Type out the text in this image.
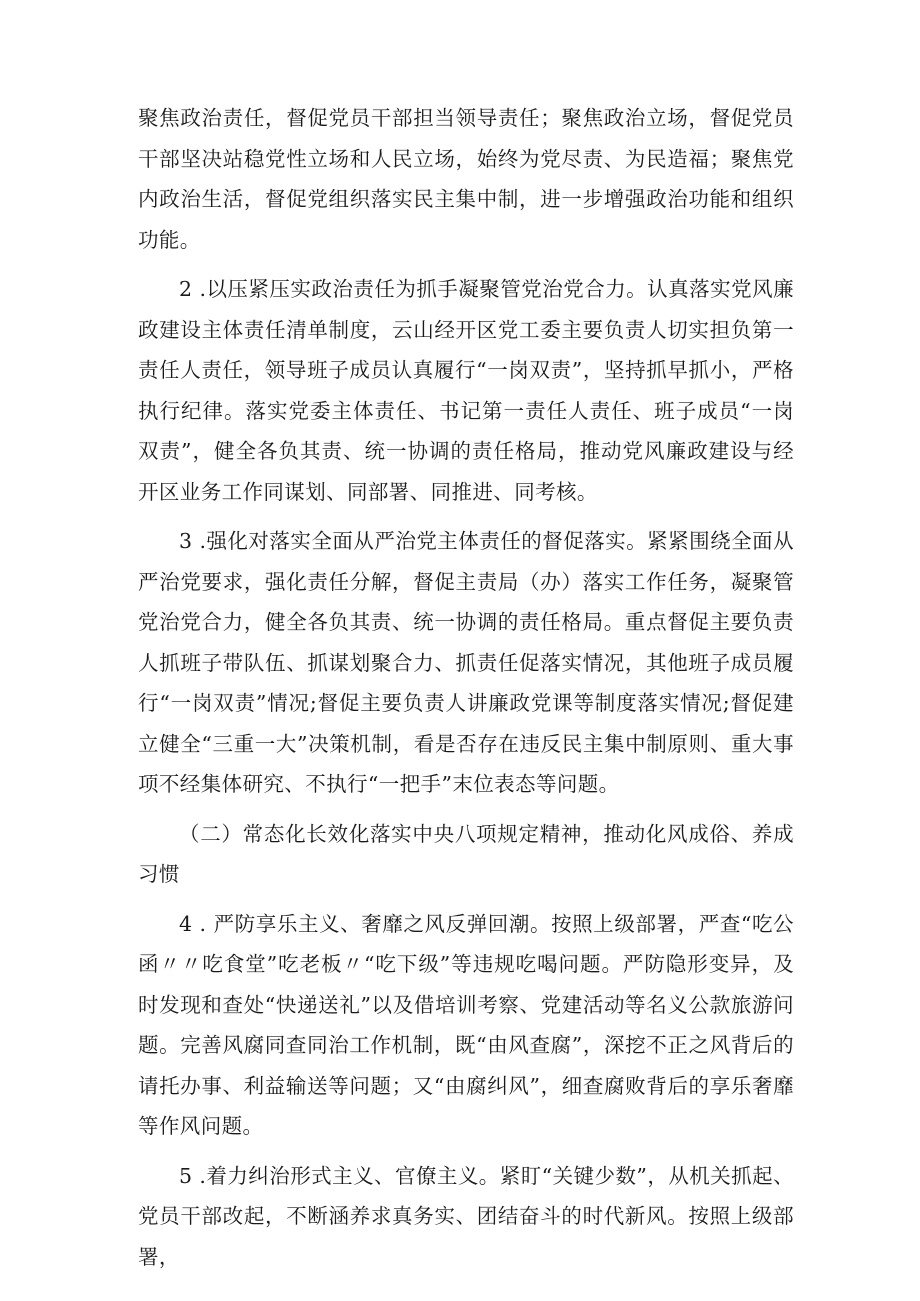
聚焦政治责任，督促党员干部担当领导责任；聚焦政治立场，督促党员干部坚决站稳党性立场和人民立场，始终为党尽责、为民造福；聚焦党内政治生活，督促党组织落实民主集中制，进一步增强政治功能和组织功能。

2 .以压紧压实政治责任为抓手凝聚管党治党合力。认真落实党风廉政建设主体责任清单制度，云山经开区党工委主要负责人切实担负第一责任人责任，领导班子成员认真履行“一岗双责”，坚持抓早抓小，严格执行纪律。落实党委主体责任、书记第一责任人责任、班子成员“一岗双责”，健全各负其责、统一协调的责任格局，推动党风廉政建设与经开区业务工作同谋划、同部署、同推进、同考核。

3 .强化对落实全面从严治党主体责任的督促落实。紧紧围绕全面从严治党要求，强化责任分解，督促主责局（办）落实工作任务，凝聚管党治党合力，健全各负其责、统一协调的责任格局。重点督促主要负责人抓班子带队伍、抓谋划聚合力、抓责任促落实情况，其他班子成员履行“一岗双责”情况;督促主要负责人讲廉政党课等制度落实情况;督促建立健全“三重一大”决策机制，看是否存在违反民主集中制原则、重大事项不经集体研究、不执行“一把手”末位表态等问题。

（二）常态化长效化落实中央八项规定精神，推动化风成俗、养成习惯

4 . 严防享乐主义、奢靡之风反弹回潮。按照上级部署，严查“吃公函〃〃吃食堂”吃老板〃“吃下级”等违规吃喝问题。严防隐形变异，及时发现和查处“快递送礼”以及借培训考察、党建活动等名义公款旅游问题。完善风腐同查同治工作机制，既“由风查腐”，深挖不正之风背后的请托办事、利益输送等问题；又“由腐纠风”，细查腐败背后的享乐奢靡等作风问题。

5 .着力纠治形式主义、官僚主义。紧盯“关键少数”，从机关抓起、党员干部改起，不断涵养求真务实、团结奋斗的时代新风。按照上级部署，
